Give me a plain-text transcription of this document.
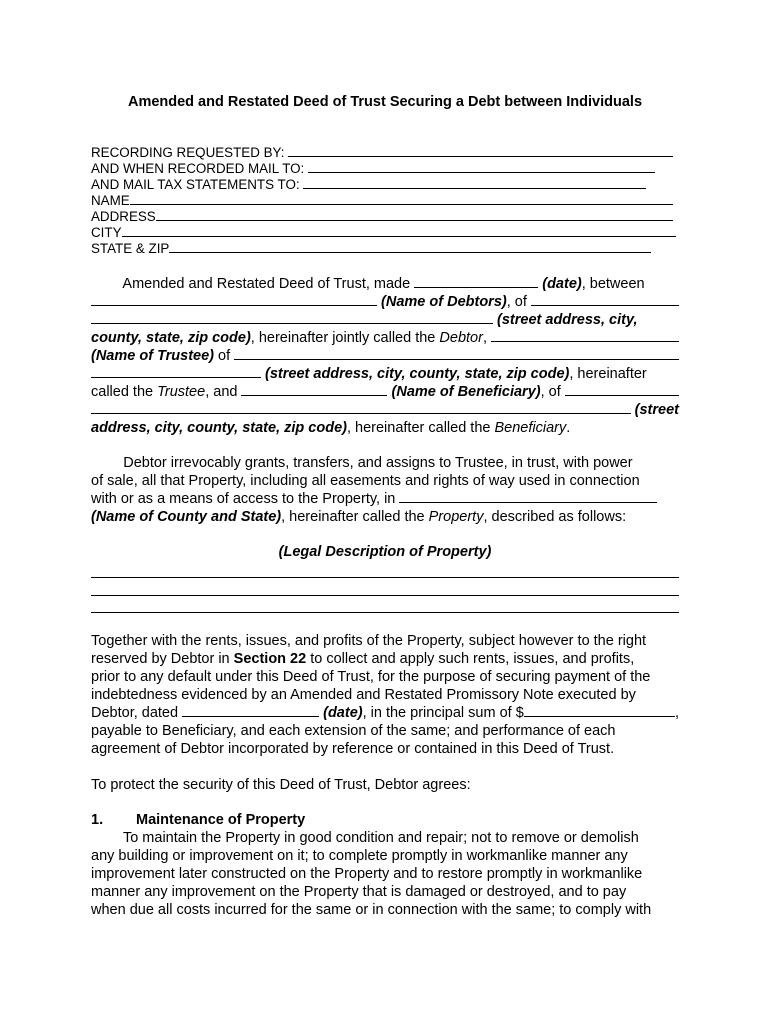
Amended and Restated Deed of Trust Securing a Debt between Individuals
RECORDING REQUESTED BY:
AND WHEN RECORDED MAIL TO:
AND MAIL TAX STATEMENTS TO:
NAME
ADDRESS
CITY
STATE & ZIP
Amended and Restated Deed of Trust, made	(date) , between
(Name of Debtors) , of
(street address, city,
county, state, zip code) , hereinafter jointly called the Debtor ,
(Name of Trustee) of
(street address, city, county, state, zip code) , hereinafter
called the Trustee , and	(Name of Beneficiary) , of
(street
address, city, county, state, zip code) , hereinafter called the Beneficiary .
Debtor irrevocably grants, transfers, and assigns to Trustee, in trust, with power
of sale, all that Property, including all easements and rights of way used in connection
with or as a means of access to the Property, in
(Name of County and State) , hereinafter called the Property , described as follows:
(Legal Description of Property)
Together with the rents, issues, and profits of the Property, subject however to the right
reserved by Debtor in Section 22 to collect and apply such rents, issues, and profits,
prior to any default under this Deed of Trust, for the purpose of securing payment of the
indebtedness evidenced by an Amended and Restated Promissory Note executed by
Debtor, dated	(date) , in the principal sum of $	,
payable to Beneficiary, and each extension of the same; and performance of each
agreement of Debtor incorporated by reference or contained in this Deed of Trust.
To protect the security of this Deed of Trust, Debtor agrees:
1.	Maintenance of Property
To maintain the Property in good condition and repair; not to remove or demolish
any building or improvement on it; to complete promptly in workmanlike manner any
improvement later constructed on the Property and to restore promptly in workmanlike
manner any improvement on the Property that is damaged or destroyed, and to pay
when due all costs incurred for the same or in connection with the same; to comply with
